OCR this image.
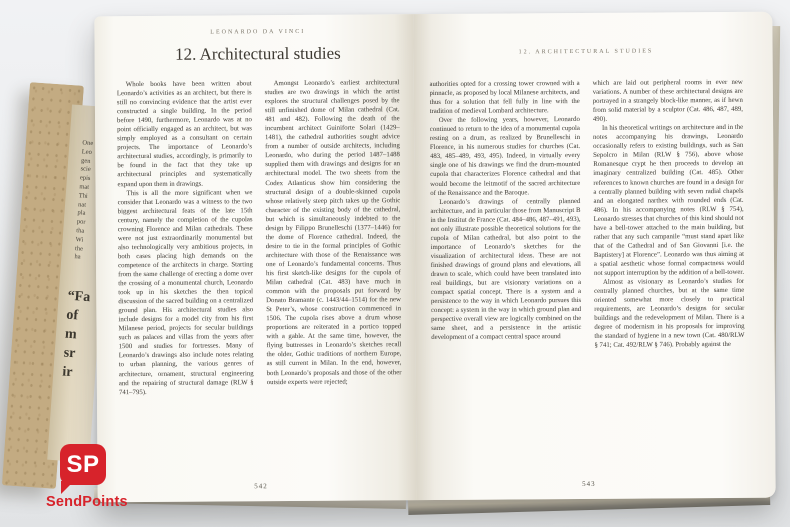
One
Leo
gen
scie
epis
mat
Thi
nat
pla
por
tha
Wi
the
ha
“Fa
of
m
sr
ir
LEONARDO DA VINCI
12. Architectural studies

Whole books have been written about Leonardo’s activities as an architect, but there is still no convincing evidence that the artist ever constructed a single building. In the period before 1490, furthermore, Leonardo was at no point officially engaged as an architect, but was simply employed as a consultant on certain projects. The importance of Leonardo’s architectural studies, accordingly, is primarily to be found in the fact that they take up architectural principles and systematically expand upon them in drawings.

This is all the more significant when we consider that Leonardo was a witness to the two biggest architectural feats of the late 15th century, namely the completion of the cupolas crowning Florence and Milan cathedrals. These were not just extraordinarily monumental but also technologically very ambitious projects, in both cases placing high demands on the competence of the architects in charge. Starting from the same challenge of erecting a dome over the crossing of a monumental church, Leonardo took up in his sketches the then topical discussion of the sacred building on a centralized ground plan. His architectural studies also include designs for a model city from his first Milanese period, projects for secular buildings such as palaces and villas from the years after 1500 and studies for fortresses. Many of Leonardo’s drawings also include notes relating to urban planning, the various genres of architecture, ornament, structural engineering and the repairing of structural damage (RLW § 741–795).

Amongst Leonardo’s earliest architectural studies are two drawings in which the artist explores the structural challenges posed by the still unfinished dome of Milan cathedral (Cat. 481 and 482). Following the death of the incumbent architect Guiniforte Solari (1429–1481), the cathedral authorities sought advice from a number of outside architects, including Leonardo, who during the period 1487–1488 supplied them with drawings and designs for an architectural model. The two sheets from the Codex Atlanticus show him considering the structural design of a double-skinned cupola whose relatively steep pitch takes up the Gothic character of the existing body of the cathedral, but which is simultaneously indebted to the design by Filippo Brunelleschi (1377–1446) for the dome of Florence cathedral. Indeed, the desire to tie in the formal principles of Gothic architecture with those of the Renaissance was one of Leonardo’s fundamental concerns. Thus his first sketch-like designs for the cupola of Milan cathedral (Cat. 483) have much in common with the proposals put forward by Donato Bramante (c. 1443/44–1514) for the new St Peter’s, whose construction commenced in 1506. The cupola rises above a drum whose proportions are reiterated in a portico topped with a gable. At the same time, however, the flying buttresses in Leonardo’s sketches recall the older, Gothic traditions of northern Europe, as still current in Milan. In the end, however, both Leonardo’s proposals and those of the other outside experts were rejected;

542
12. ARCHITECTURAL STUDIES

authorities opted for a crossing tower crowned with a pinnacle, as proposed by local Milanese architects, and thus for a solution that fell fully in line with the tradition of medieval Lombard architecture.

Over the following years, however, Leonardo continued to return to the idea of a monumental cupola resting on a drum, as realized by Brunelleschi in Florence, in his numerous studies for churches (Cat. 483, 485–489, 493, 495). Indeed, in virtually every single one of his drawings we find the drum-mounted cupola that characterizes Florence cathedral and that would become the leitmotif of the sacred architecture of the Renaissance and the Baroque.

Leonardo’s drawings of centrally planned architecture, and in particular those from Manuscript B in the Institut de France (Cat. 484–486, 487–491, 493), not only illustrate possible theoretical solutions for the cupola of Milan cathedral, but also point to the importance of Leonardo’s sketches for the visualization of architectural ideas. These are not finished drawings of ground plans and elevations, all drawn to scale, which could have been translated into real buildings, but are visionary variations on a compact spatial concept. There is a system and a persistence to the way in which Leonardo pursues this concept: a system in the way in which ground plan and perspective overall view are logically combined on the same sheet, and a persistence in the artistic development of a compact central space around

which are laid out peripheral rooms in ever new variations. A number of these architectural designs are portrayed in a strangely block-like manner, as if hewn from solid material by a sculptor (Cat. 486, 487, 489, 490).

In his theoretical writings on architecture and in the notes accompanying his drawings, Leonardo occasionally refers to existing buildings, such as San Sepolcro in Milan (RLW § 756), above whose Romanesque crypt he then proceeds to develop an imaginary centralized building (Cat. 485). Other references to known churches are found in a design for a centrally planned building with seven radial chapels and an elongated narthex with rounded ends (Cat. 486). In his accompanying notes (RLW § 754), Leonardo stresses that churches of this kind should not have a bell-tower attached to the main building, but rather that any such campanile “must stand apart like that of the Cathedral and of San Giovanni [i.e. the Baptistery] at Florence”. Leonardo was thus aiming at a spatial aesthetic whose formal compactness would not support interruption by the addition of a bell-tower.

Almost as visionary as Leonardo’s studies for centrally planned churches, but at the same time oriented somewhat more closely to practical requirements, are Leonardo’s designs for secular buildings and the redevelopment of Milan. There is a degree of modernism in his proposals for improving the standard of hygiene in a new town (Cat. 480/RLW § 741; Cat. 492/RLW § 746). Probably against the

543
SP
SendPoints
